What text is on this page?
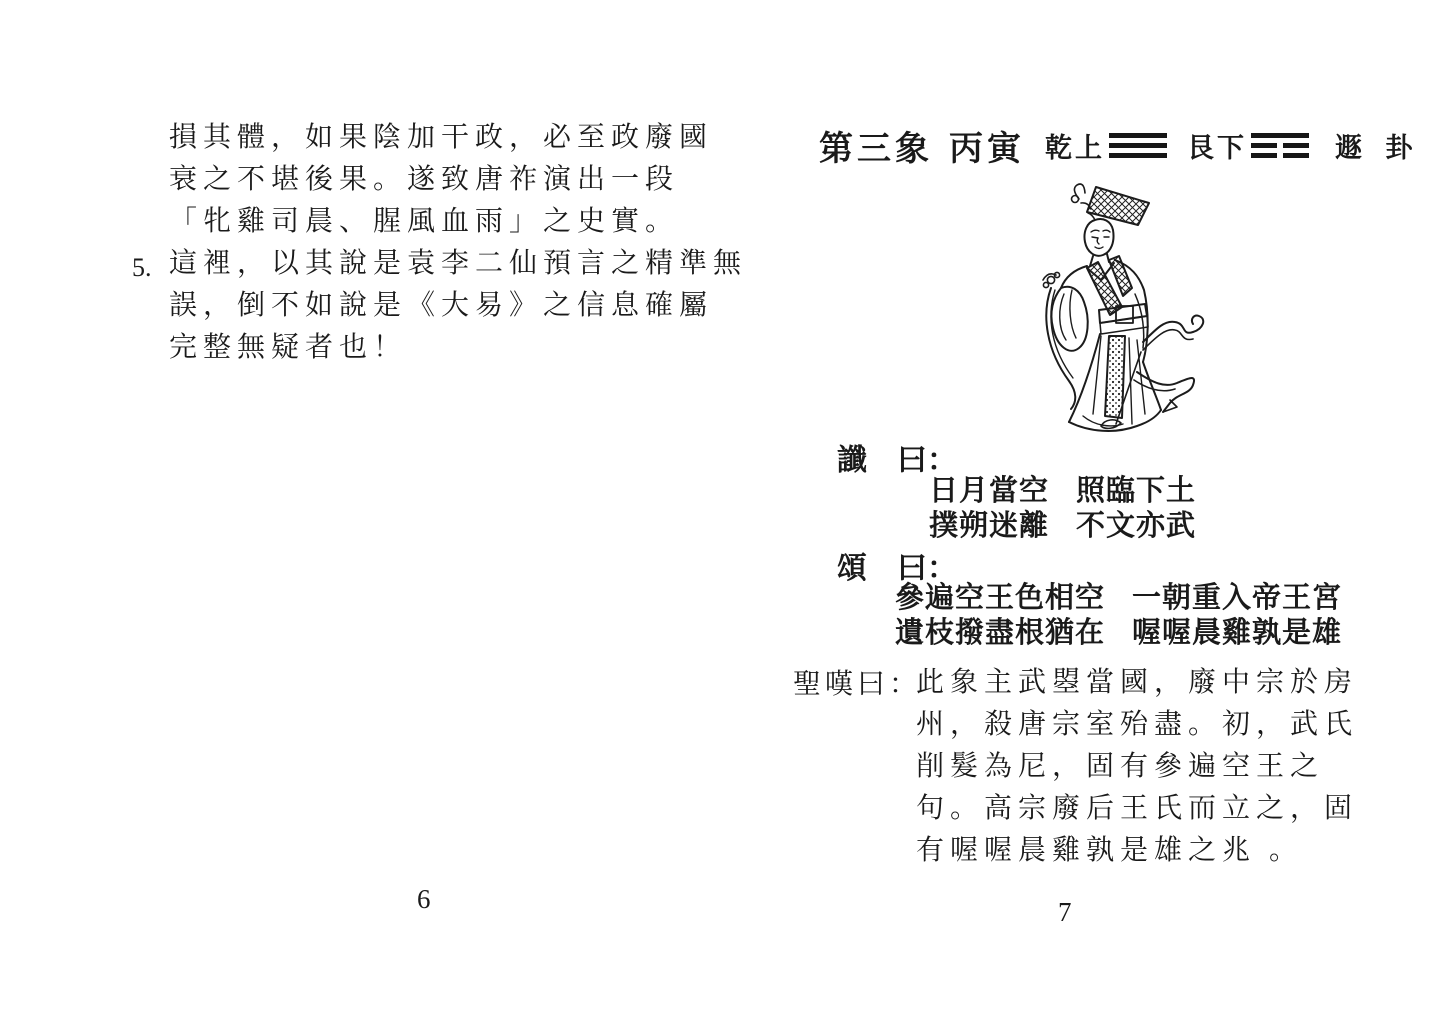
損其體，如果陰加干政，必至政廢國
衰之不堪後果。遂致唐祚演出一段
「牝雞司晨、腥風血雨」之史實。
5. 這裡，以其說是袁李二仙預言之精準無
誤，倒不如說是《大易》之信息確屬
完整無疑者也！
6
第三象 丙寅 乾上	艮下	遯 卦
讖 曰：
日月當空 照臨下土
撲朔迷離 不文亦武
頌 曰：
參遍空王色相空 一朝重入帝王宮
遺枝撥盡根猶在 喔喔晨雞孰是雄
聖嘆曰：
此象主武曌當國，廢中宗於房
州，殺唐宗室殆盡。初，武氏
削髮為尼，固有參遍空王之
句。高宗廢后王氏而立之，固
有喔喔晨雞孰是雄之兆 。
7
